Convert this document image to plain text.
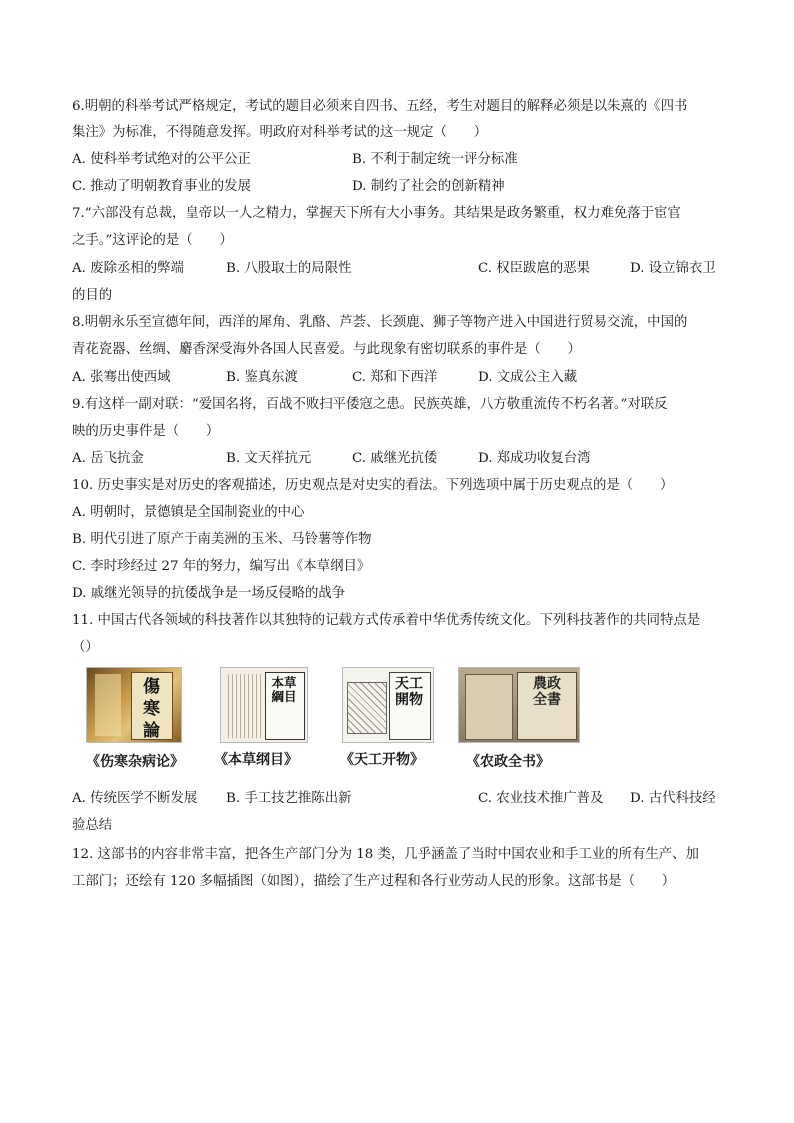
6.明朝的科举考试严格规定，考试的题目必须来自四书、五经，考生对题目的解释必须是以朱熹的《四书
集注》为标准，不得随意发挥。明政府对科举考试的这一规定（　　）
A. 使科举考试绝对的公平公正	B. 不利于制定统一评分标准
C. 推动了明朝教育事业的发展	D. 制约了社会的创新精神
7.“六部没有总裁，皇帝以一人之精力，掌握天下所有大小事务。其结果是政务繁重，权力难免落于宦官
之手。”这评论的是（　　）
A. 废除丞相的弊端	B. 八股取士的局限性	C. 权臣跋扈的恶果	D. 设立锦衣卫
的目的
8.明朝永乐至宣德年间，西洋的犀角、乳酪、芦荟、长颈鹿、狮子等物产进入中国进行贸易交流，中国的
青花瓷器、丝绸、麝香深受海外各国人民喜爱。与此现象有密切联系的事件是（　　）
A. 张骞出使西域	B. 鉴真东渡	C. 郑和下西洋	D. 文成公主入藏
9.有这样一副对联：“爱国名将，百战不败扫平倭寇之患。民族英雄，八方敬重流传不朽名著。”对联反
映的历史事件是（　　）
A. 岳飞抗金	B. 文天祥抗元	C. 戚继光抗倭	D. 郑成功收复台湾
10. 历史事实是对历史的客观描述，历史观点是对史实的看法。下列选项中属于历史观点的是（　　）
A. 明朝时，景德镇是全国制瓷业的中心
B. 明代引进了原产于南美洲的玉米、马铃薯等作物
C. 李时珍经过 27 年的努力，编写出《本草纲目》
D. 戚继光领导的抗倭战争是一场反侵略的战争
11. 中国古代各领域的科技著作以其独特的记载方式传承着中华优秀传统文化。下列科技著作的共同特点是
（）
傷寒論
《伤寒杂病论》
本草綱目
《本草纲目》
天工開物
《天工开物》
農政全書
《农政全书》
A. 传统医学不断发展 B. 手工技艺推陈出新	C. 农业技术推广普及 D. 古代科技经
验总结
12. 这部书的内容非常丰富，把各生产部门分为 18 类，几乎涵盖了当时中国农业和手工业的所有生产、加
工部门；还绘有 120 多幅插图（如图），描绘了生产过程和各行业劳动人民的形象。这部书是（　　）
